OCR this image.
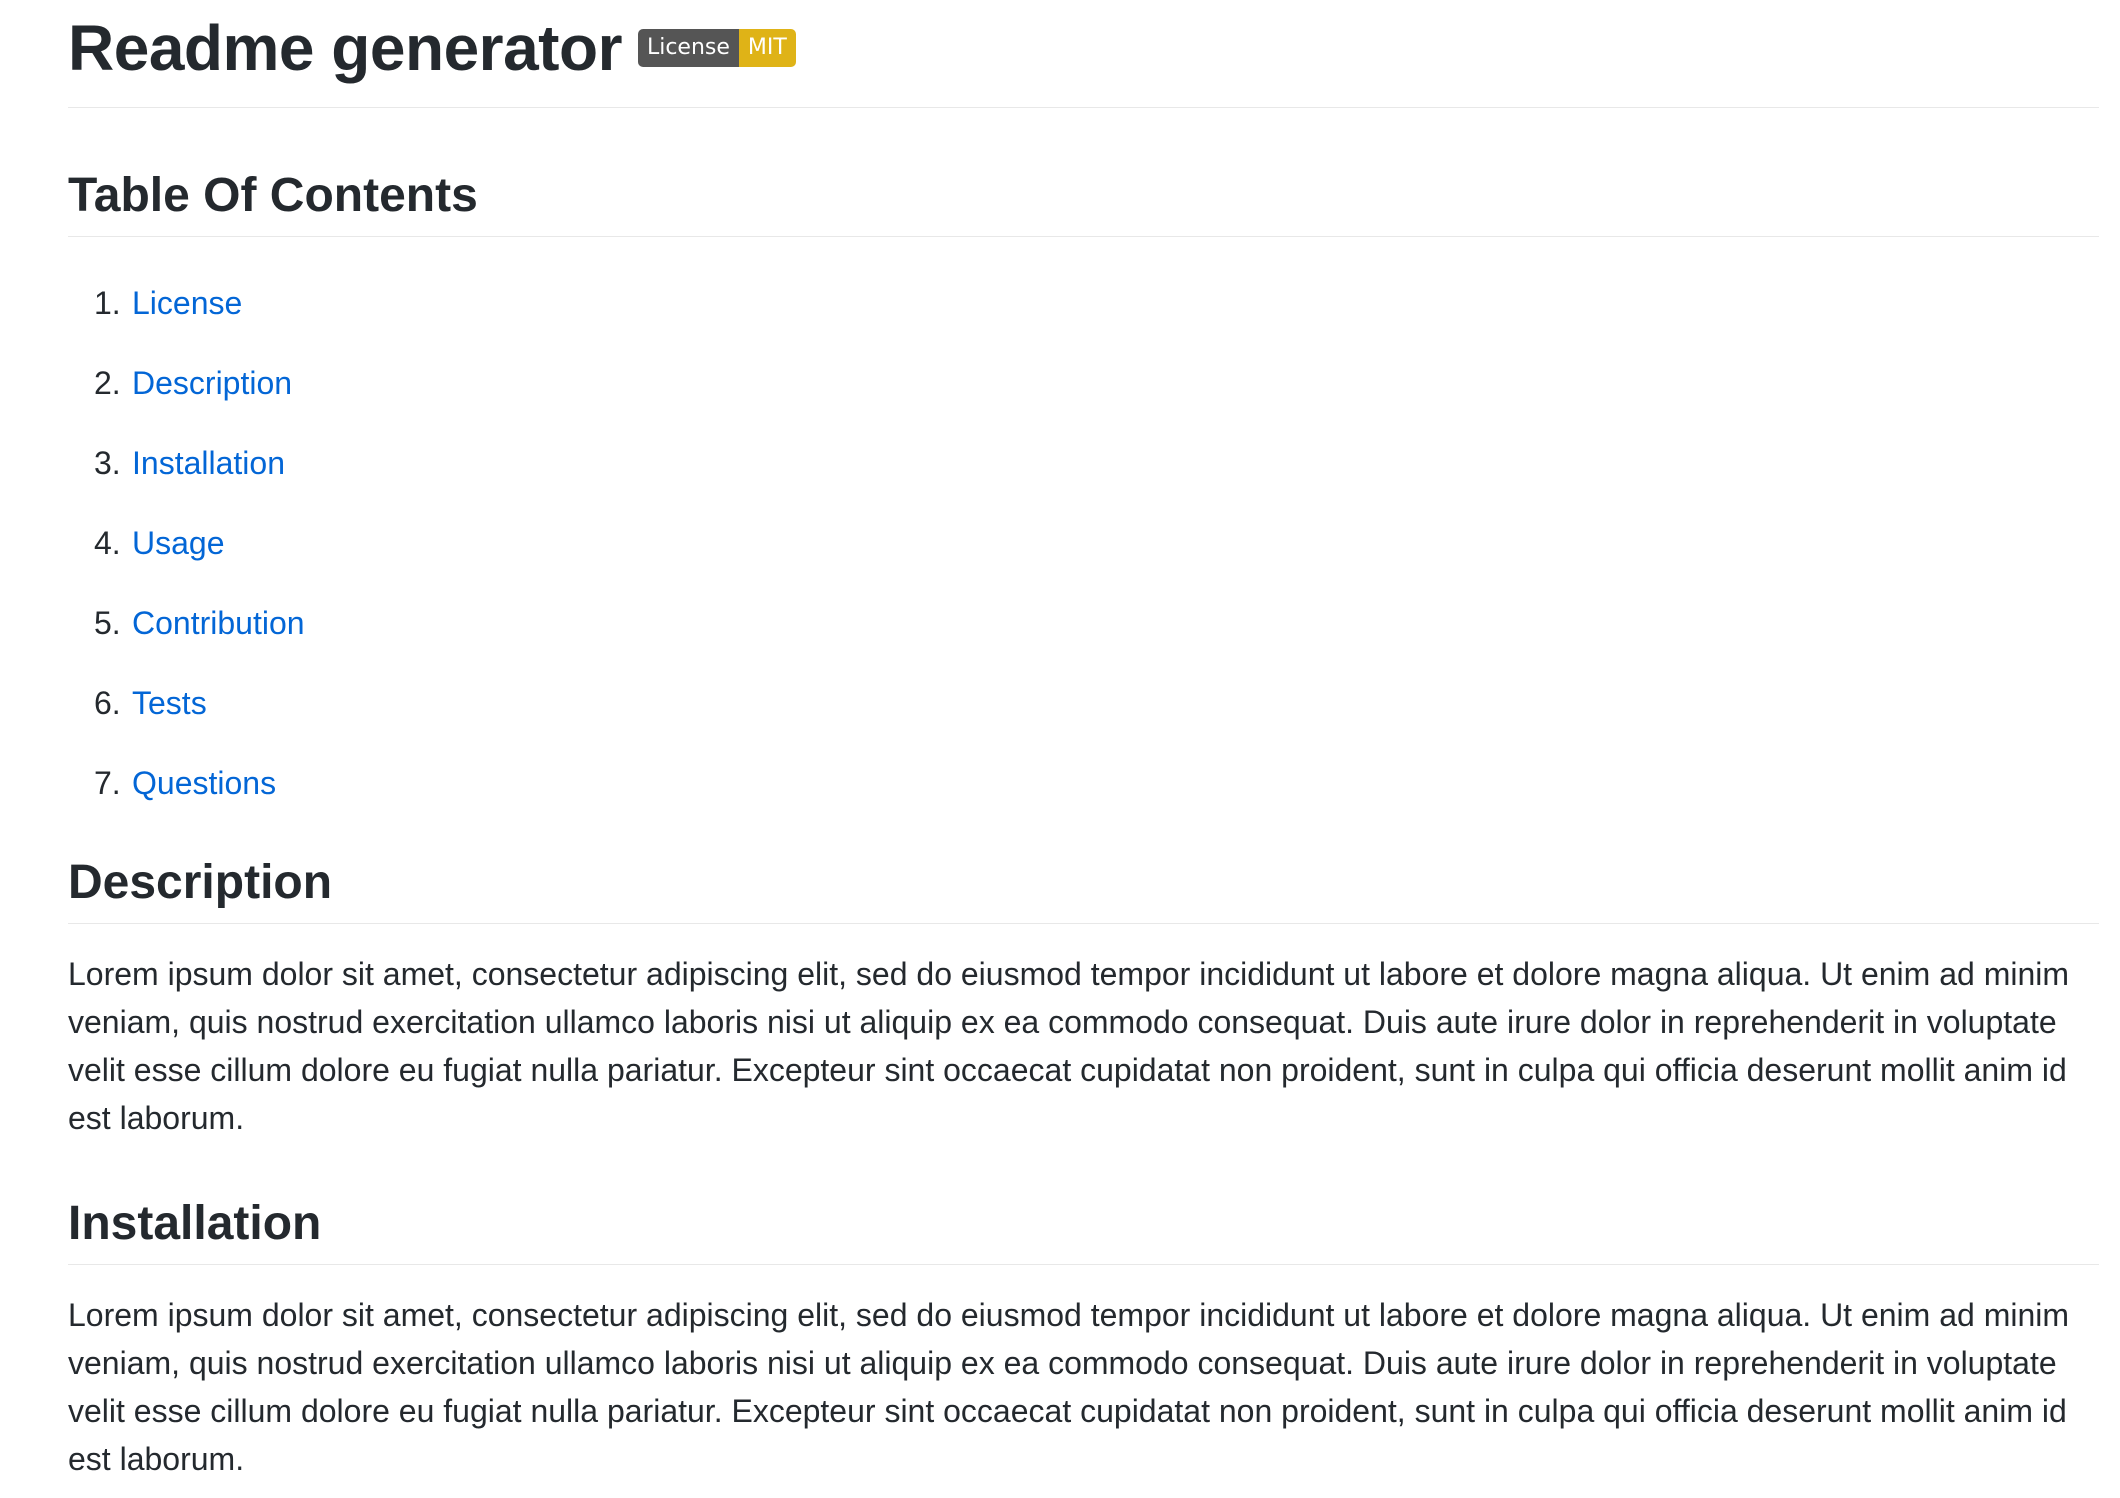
Readme generator	License MIT
Table Of Contents
1. License
2. Description
3. Installation
4. Usage
5. Contribution
6. Tests
7. Questions
Description

Lorem ipsum dolor sit amet, consectetur adipiscing elit, sed do eiusmod tempor incididunt ut labore et dolore magna aliqua. Ut enim ad minim veniam, quis nostrud exercitation ullamco laboris nisi ut aliquip ex ea commodo consequat. Duis aute irure dolor in reprehenderit in voluptate velit esse cillum dolore eu fugiat nulla pariatur. Excepteur sint occaecat cupidatat non proident, sunt in culpa qui officia deserunt mollit anim id est laborum.

Installation

Lorem ipsum dolor sit amet, consectetur adipiscing elit, sed do eiusmod tempor incididunt ut labore et dolore magna aliqua. Ut enim ad minim veniam, quis nostrud exercitation ullamco laboris nisi ut aliquip ex ea commodo consequat. Duis aute irure dolor in reprehenderit in voluptate velit esse cillum dolore eu fugiat nulla pariatur. Excepteur sint occaecat cupidatat non proident, sunt in culpa qui officia deserunt mollit anim id est laborum.
